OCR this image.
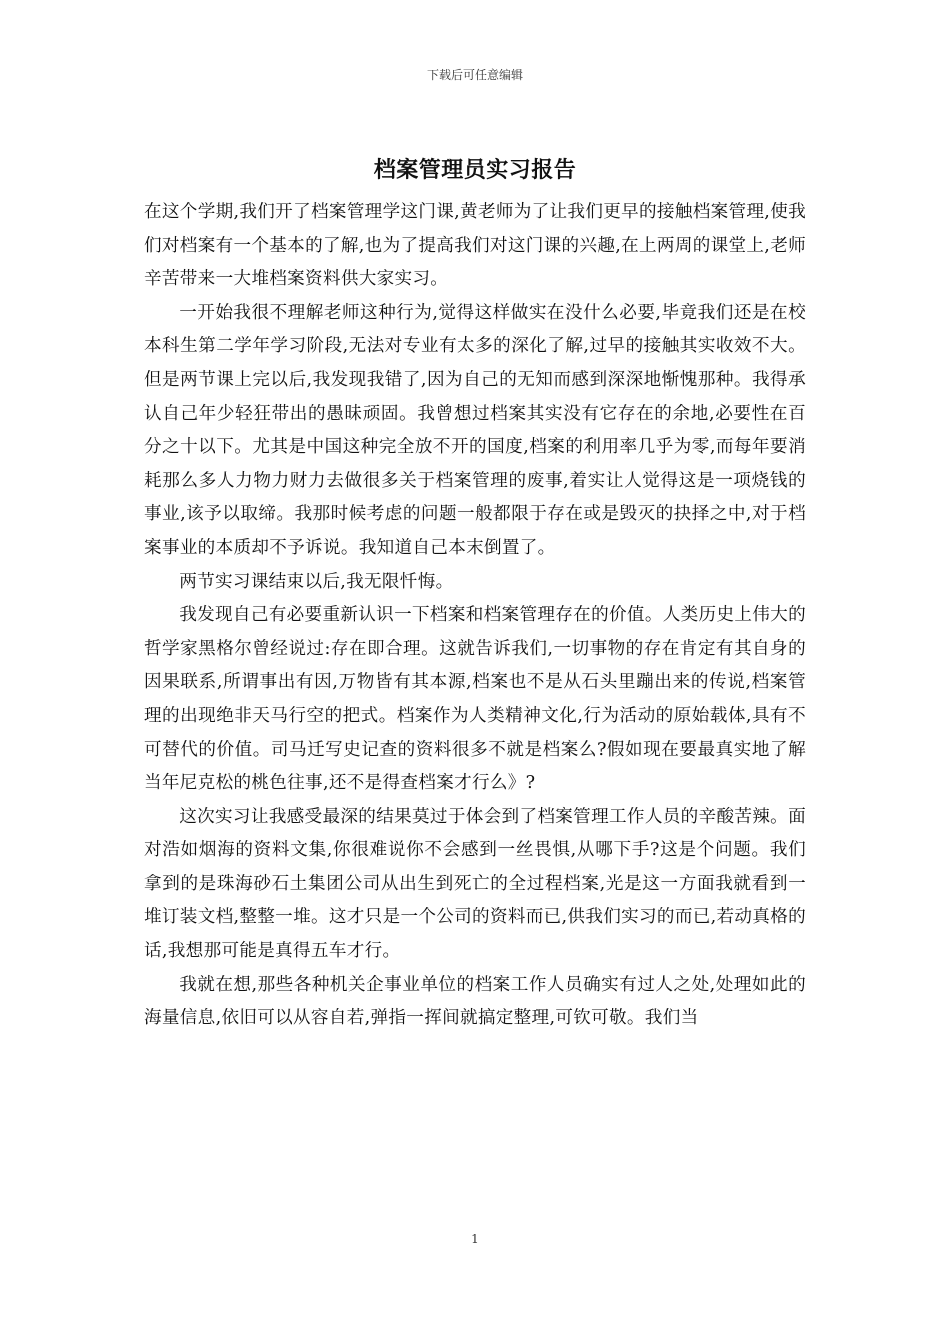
下载后可任意编辑
档案管理员实习报告

在这个学期,我们开了档案管理学这门课,黄老师为了让我们更早的接触档案管理,使我们对档案有一个基本的了解,也为了提高我们对这门课的兴趣,在上两周的课堂上,老师辛苦带来一大堆档案资料供大家实习。

一开始我很不理解老师这种行为,觉得这样做实在没什么必要,毕竟我们还是在校本科生第二学年学习阶段,无法对专业有太多的深化了解,过早的接触其实收效不大。但是两节课上完以后,我发现我错了,因为自己的无知而感到深深地惭愧那种。我得承认自己年少轻狂带出的愚昧顽固。我曾想过档案其实没有它存在的余地,必要性在百分之十以下。尤其是中国这种完全放不开的国度,档案的利用率几乎为零,而每年要消耗那么多人力物力财力去做很多关于档案管理的废事,着实让人觉得这是一项烧钱的事业,该予以取缔。我那时候考虑的问题一般都限于存在或是毁灭的抉择之中,对于档案事业的本质却不予诉说。我知道自己本末倒置了。

两节实习课结束以后,我无限忏悔。

我发现自己有必要重新认识一下档案和档案管理存在的价值。人类历史上伟大的哲学家黑格尔曾经说过:存在即合理。这就告诉我们,一切事物的存在肯定有其自身的因果联系,所谓事出有因,万物皆有其本源,档案也不是从石头里蹦出来的传说,档案管理的出现绝非天马行空的把式。档案作为人类精神文化,行为活动的原始载体,具有不可替代的价值。司马迁写史记查的资料很多不就是档案么?假如现在要最真实地了解当年尼克松的桃色往事,还不是得查档案才行么》?

这次实习让我感受最深的结果莫过于体会到了档案管理工作人员的辛酸苦辣。面对浩如烟海的资料文集,你很难说你不会感到一丝畏惧,从哪下手?这是个问题。我们拿到的是珠海砂石土集团公司从出生到死亡的全过程档案,光是这一方面我就看到一堆订装文档,整整一堆。这才只是一个公司的资料而已,供我们实习的而已,若动真格的话,我想那可能是真得五车才行。

我就在想,那些各种机关企事业单位的档案工作人员确实有过人之处,处理如此的海量信息,依旧可以从容自若,弹指一挥间就搞定整理,可钦可敬。我们当

1
